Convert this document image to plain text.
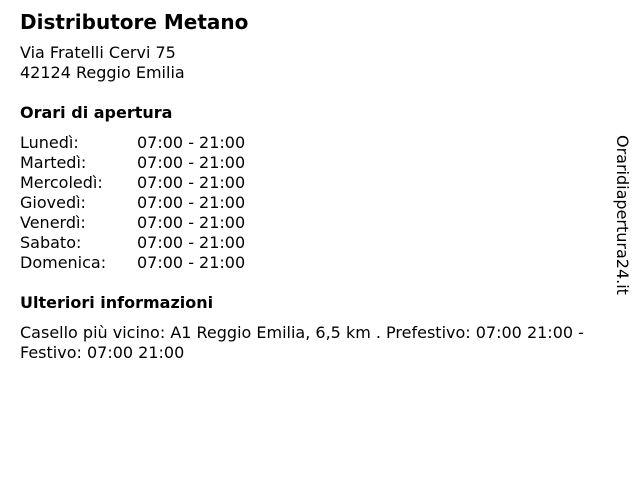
Distributore Metano
Via Fratelli Cervi 75
42124 Reggio Emilia
Orari di apertura
Lunedì:	07:00 - 21:00
Martedì:	07:00 - 21:00
Mercoledì:	07:00 - 21:00
Giovedì:	07:00 - 21:00
Venerdì:	07:00 - 21:00
Sabato:	07:00 - 21:00
Domenica:	07:00 - 21:00
Ulteriori informazioni
Casello più vicino: A1 Reggio Emilia, 6,5 km . Prefestivo: 07:00 21:00 - Festivo: 07:00 21:00
Oraridiapertura24.it
